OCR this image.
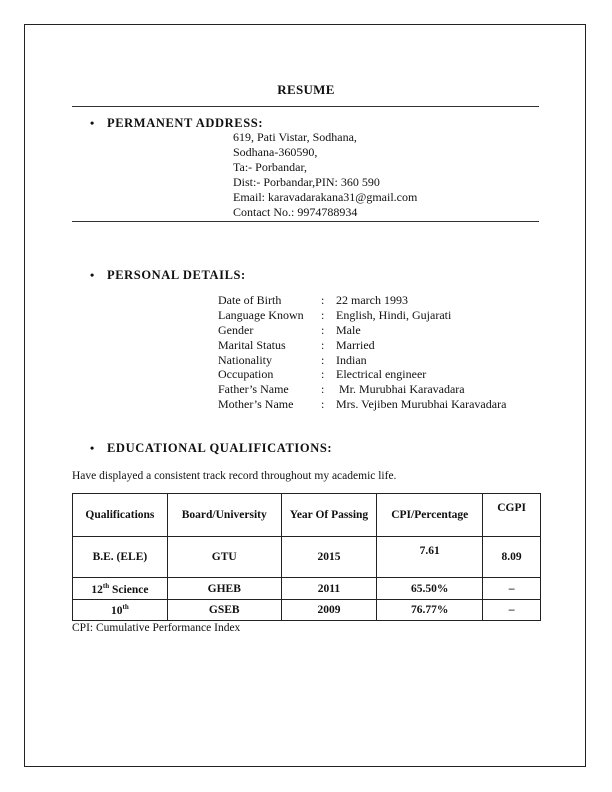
RESUME
• PERMANENT ADDRESS:
619, Pati Vistar, Sodhana,
Sodhana-360590,
Ta:- Porbandar,
Dist:- Porbandar,PIN: 360 590
Email: karavadarakana31@gmail.com
Contact No.: 9974788934
• PERSONAL DETAILS:
Date of Birth	: 22 march 1993
Language Known	: English, Hindi, Gujarati
Gender	: Male
Marital Status	: Married
Nationality	: Indian
Occupation	: Electrical engineer
Father’s Name	: Mr. Murubhai Karavadara
Mother’s Name	: Mrs. Vejiben Murubhai Karavadara
• EDUCATIONAL QUALIFICATIONS:
Have displayed a consistent track record throughout my academic life.
Qualifications	Board/University	Year Of Passing	CPI/Percentage	CGPI
B.E. (ELE)	GTU	2015	7.61	8.09
12th Science	GHEB	2011	65.50%	–
10th	GSEB	2009	76.77%	–
CPI: Cumulative Performance Index
